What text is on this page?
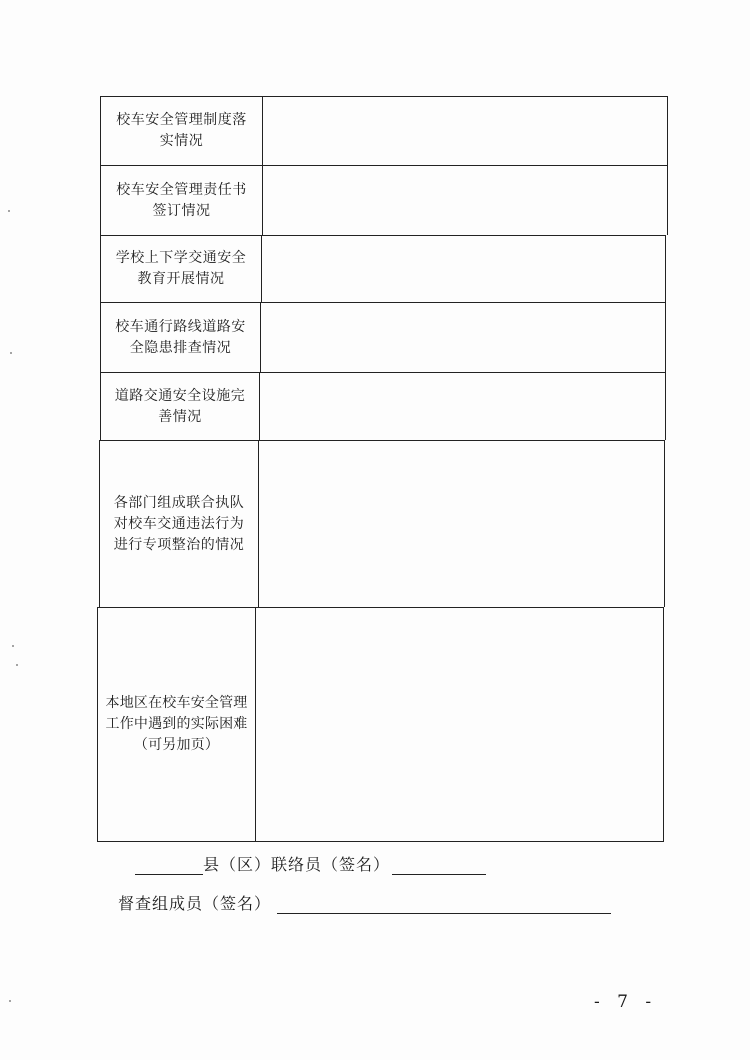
校车安全管理制度落
实情况
校车安全管理责任书
签订情况
学校上下学交通安全
教育开展情况
校车通行路线道路安
全隐患排查情况
道路交通安全设施完
善情况
各部门组成联合执队
对校车交通违法行为
进行专项整治的情况
本地区在校车安全管理
工作中遇到的实际困难
（可另加页）
县（区）联络员（签名）
督查组成员（签名）
- 7 -
